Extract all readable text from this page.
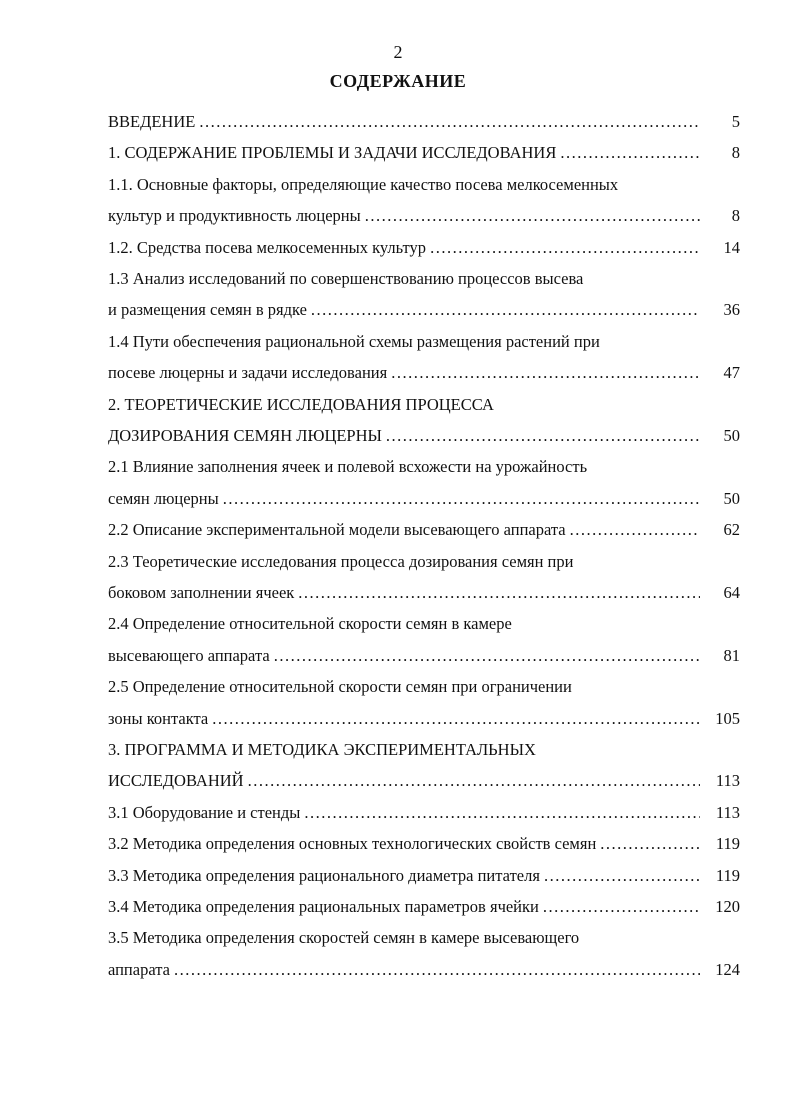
2
СОДЕРЖАНИЕ
5
ВВЕДЕНИЕ
.....
8
1. СОДЕРЖАНИЕ ПРОБЛЕМЫ И ЗАДАЧИ ИССЛЕДОВАНИЯ
.....
1.1. Основные факторы, определяющие качество посева мелкосеменных
8
культур и продуктивность люцерны
.....
14
1.2. Средства посева мелкосеменных культур
.....
1.3 Анализ исследований по совершенствованию процессов высева
36
и размещения семян в рядке
.....
1.4 Пути обеспечения рациональной схемы размещения растений при
47
посеве люцерны и задачи исследования
.....
2. ТЕОРЕТИЧЕСКИЕ ИССЛЕДОВАНИЯ ПРОЦЕССА
50
ДОЗИРОВАНИЯ СЕМЯН ЛЮЦЕРНЫ
.....
2.1 Влияние заполнения ячеек и полевой всхожести на урожайность
50
семян люцерны
.....
62
2.2 Описание экспериментальной модели высевающего аппарата
.....
2.3 Теоретические исследования процесса дозирования семян при
64
боковом заполнении ячеек
.....
2.4 Определение относительной скорости семян в камере
81
высевающего аппарата
.....
2.5 Определение относительной скорости семян при ограничении
105
зоны контакта
.....
3. ПРОГРАММА И МЕТОДИКА ЭКСПЕРИМЕНТАЛЬНЫХ
113
ИССЛЕДОВАНИЙ
.....
113
3.1 Оборудование и стенды
.....
119
3.2 Методика определения основных технологических свойств семян
.....
119
3.3 Методика определения рационального диаметра питателя
.....
120
3.4 Методика определения рациональных параметров ячейки
.....
3.5 Методика определения скоростей семян в камере высевающего
124
аппарата
.....
